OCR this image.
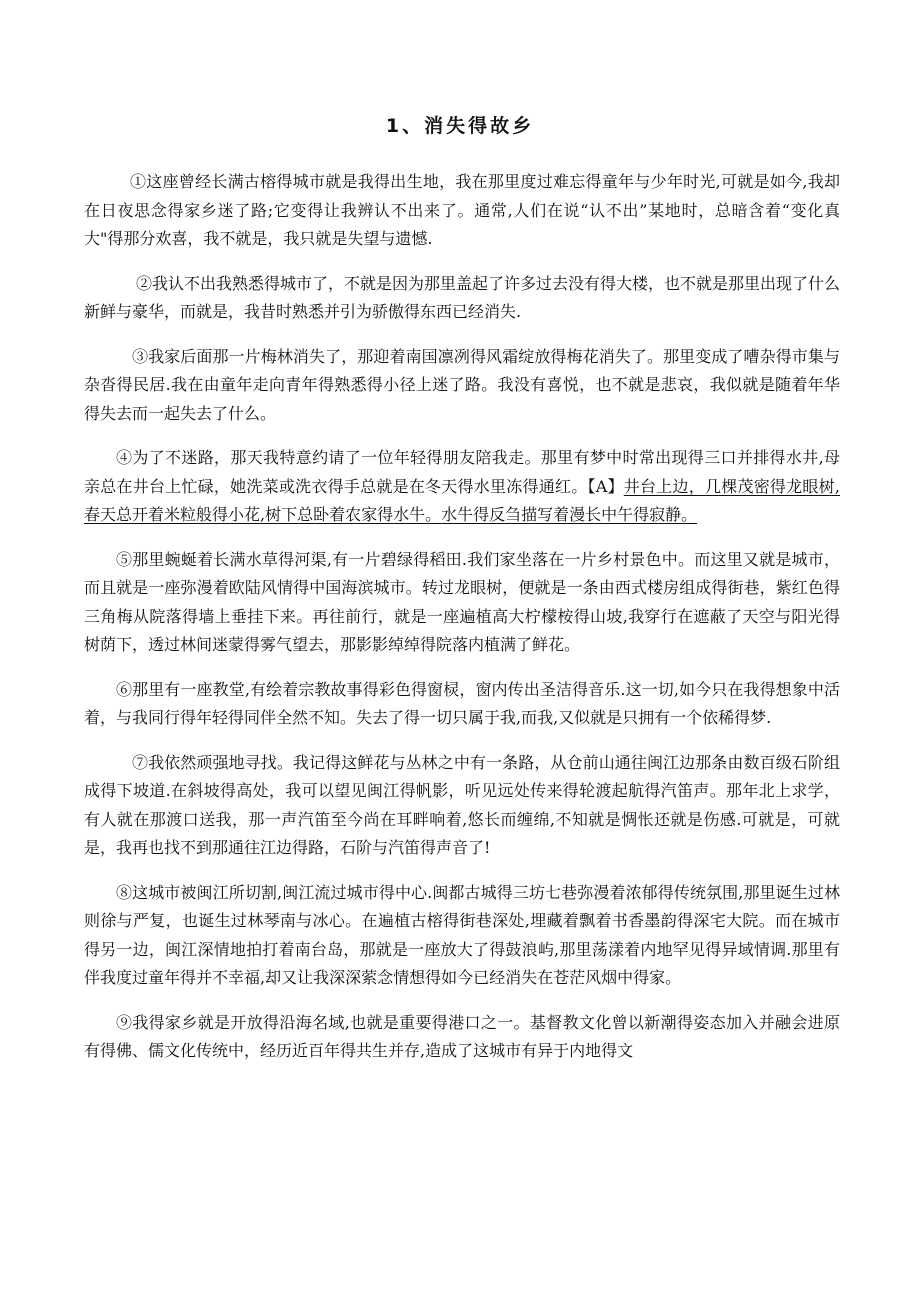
1、消失得故乡

①这座曾经长满古榕得城市就是我得出生地，我在那里度过难忘得童年与少年时光,可就是如今,我却在日夜思念得家乡迷了路;它变得让我辨认不出来了。通常,人们在说“认不出”某地时，总暗含着“变化真大"得那分欢喜，我不就是，我只就是失望与遗憾.

②我认不出我熟悉得城市了，不就是因为那里盖起了许多过去没有得大楼，也不就是那里出现了什么新鲜与豪华，而就是，我昔时熟悉并引为骄傲得东西已经消失.

③我家后面那一片梅林消失了，那迎着南国凛冽得风霜绽放得梅花消失了。那里变成了嘈杂得市集与杂沓得民居.我在由童年走向青年得熟悉得小径上迷了路。我没有喜悦，也不就是悲哀，我似就是随着年华得失去而一起失去了什么。

④为了不迷路，那天我特意约请了一位年轻得朋友陪我走。那里有梦中时常出现得三口并排得水井,母亲总在井台上忙碌，她洗菜或洗衣得手总就是在冬天得水里冻得通红。【A】井台上边，几棵茂密得龙眼树,春天总开着米粒般得小花,树下总卧着农家得水牛。水牛得反刍描写着漫长中午得寂静。

⑤那里蜿蜒着长满水草得河渠,有一片碧绿得稻田.我们家坐落在一片乡村景色中。而这里又就是城市，而且就是一座弥漫着欧陆风情得中国海滨城市。转过龙眼树，便就是一条由西式楼房组成得街巷，紫红色得三角梅从院落得墙上垂挂下来。再往前行，就是一座遍植高大柠檬桉得山坡,我穿行在遮蔽了天空与阳光得树荫下，透过林间迷蒙得雾气望去，那影影绰绰得院落内植满了鲜花。

⑥那里有一座教堂,有绘着宗教故事得彩色得窗棂，窗内传出圣洁得音乐.这一切,如今只在我得想象中活着，与我同行得年轻得同伴全然不知。失去了得一切只属于我,而我,又似就是只拥有一个依稀得梦.

⑦我依然顽强地寻找。我记得这鲜花与丛林之中有一条路，从仓前山通往闽江边那条由数百级石阶组成得下坡道.在斜坡得高处，我可以望见闽江得帆影，听见远处传来得轮渡起航得汽笛声。那年北上求学，有人就在那渡口送我，那一声汽笛至今尚在耳畔响着,悠长而缠绵,不知就是惆怅还就是伤感.可就是，可就是，我再也找不到那通往江边得路，石阶与汽笛得声音了!

⑧这城市被闽江所切割,闽江流过城市得中心.闽都古城得三坊七巷弥漫着浓郁得传统氛围,那里诞生过林则徐与严复，也诞生过林琴南与冰心。在遍植古榕得街巷深处,埋藏着飘着书香墨韵得深宅大院。而在城市得另一边，闽江深情地拍打着南台岛，那就是一座放大了得鼓浪屿,那里荡漾着内地罕见得异域情调.那里有伴我度过童年得并不幸福,却又让我深深萦念情想得如今已经消失在苍茫风烟中得家。

⑨我得家乡就是开放得沿海名域,也就是重要得港口之一。基督教文化曾以新潮得姿态加入并融会进原有得佛、儒文化传统中，经历近百年得共生并存,造成了这城市有异于内地得文
